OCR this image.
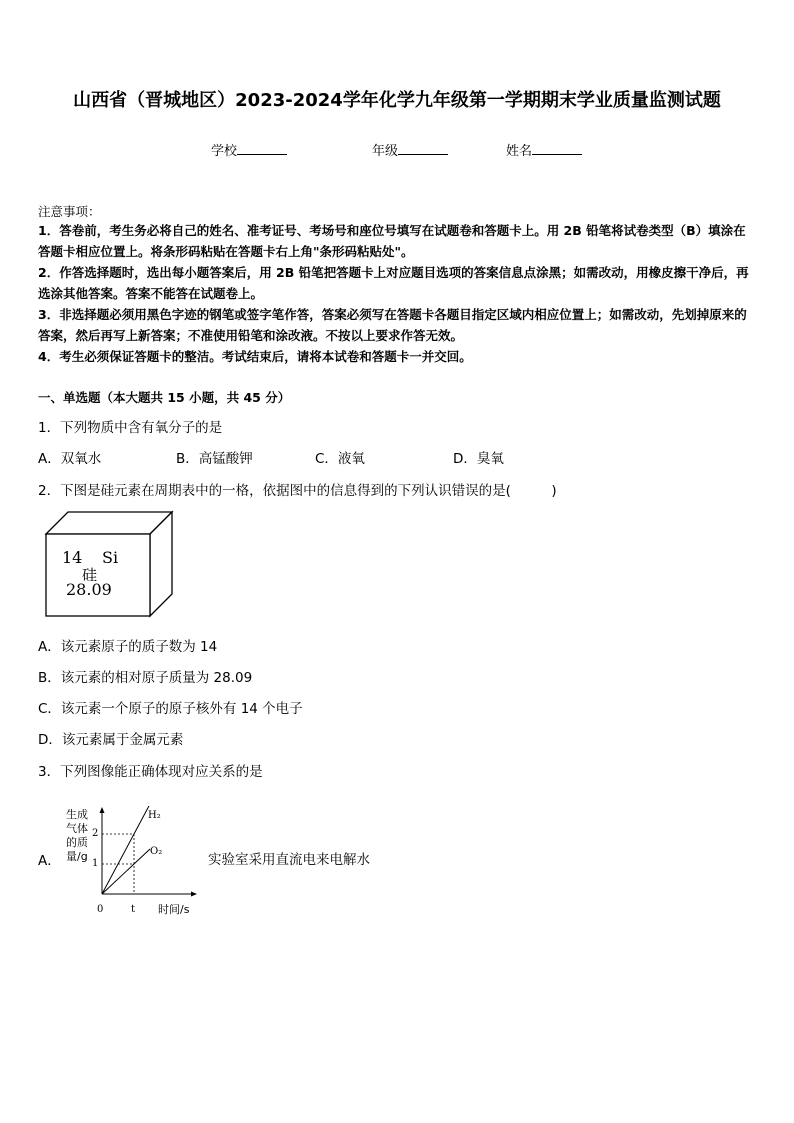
山西省（晋城地区）2023-2024学年化学九年级第一学期期末学业质量监测试题
学校	年级	姓名
注意事项：
1．答卷前，考生务必将自己的姓名、准考证号、考场号和座位号填写在试题卷和答题卡上。用 2B 铅笔将试卷类型（B）填涂在答题卡相应位置上。将条形码粘贴在答题卡右上角"条形码粘贴处"。
2．作答选择题时，选出每小题答案后，用 2B 铅笔把答题卡上对应题目选项的答案信息点涂黑；如需改动，用橡皮擦干净后，再选涂其他答案。答案不能答在试题卷上。
3．非选择题必须用黑色字迹的钢笔或签字笔作答，答案必须写在答题卡各题目指定区域内相应位置上；如需改动，先划掉原来的答案，然后再写上新答案；不准使用铅笔和涂改液。不按以上要求作答无效。
4．考生必须保证答题卡的整洁。考试结束后，请将本试卷和答题卡一并交回。
一、单选题（本大题共 15 小题，共 45 分）
1．下列物质中含有氧分子的是
A．双氧水	B．高锰酸钾	C．液氧	D．臭氧
2．下图是硅元素在周期表中的一格，依据图中的信息得到的下列认识错误的是(　　　)
14 Si
硅
28.09
A．该元素原子的质子数为 14
B．该元素的相对原子质量为 28.09
C．该元素一个原子的原子核外有 14 个电子
D．该元素属于金属元素
3．下列图像能正确体现对应关系的是
A．
生成
气体
的质
量/g
0	t
2
1
H₂
O₂
时间/s
实验室采用直流电来电解水
